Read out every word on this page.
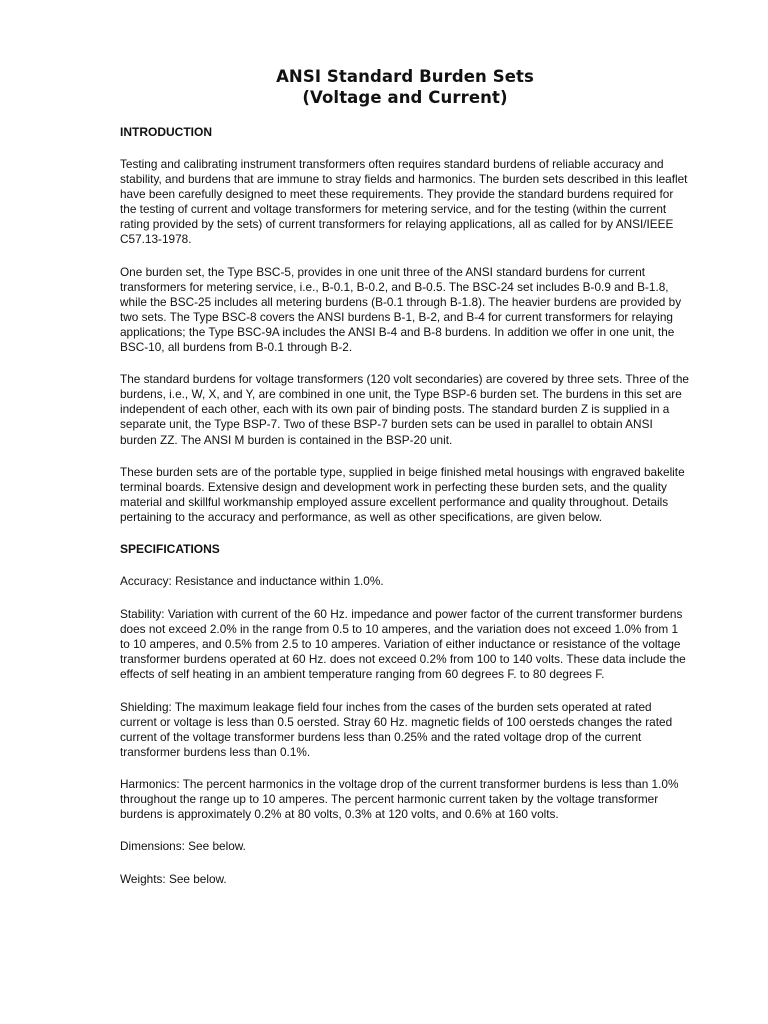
ANSI Standard Burden Sets
(Voltage and Current)
INTRODUCTION

Testing and calibrating instrument transformers often requires standard burdens of reliable accuracy and stability, and burdens that are immune to stray fields and harmonics. The burden sets described in this leaflet have been carefully designed to meet these requirements. They provide the standard burdens required for the testing of current and voltage transformers for metering service, and for the testing (within the current rating provided by the sets) of current transformers for relaying applications, all as called for by ANSI/IEEE C57.13-1978.

One burden set, the Type BSC-5, provides in one unit three of the ANSI standard burdens for current transformers for metering service, i.e., B-0.1, B-0.2, and B-0.5. The BSC-24 set includes B-0.9 and B-1.8, while the BSC-25 includes all metering burdens (B-0.1 through B-1.8). The heavier burdens are provided by two sets. The Type BSC-8 covers the ANSI burdens B-1, B-2, and B-4 for current transformers for relaying applications; the Type BSC-9A includes the ANSI B-4 and B-8 burdens. In addition we offer in one unit, the BSC-10, all burdens from B-0.1 through B-2.

The standard burdens for voltage transformers (120 volt secondaries) are covered by three sets. Three of the burdens, i.e., W, X, and Y, are combined in one unit, the Type BSP-6 burden set. The burdens in this set are independent of each other, each with its own pair of binding posts. The standard burden Z is supplied in a separate unit, the Type BSP-7. Two of these BSP-7 burden sets can be used in parallel to obtain ANSI burden ZZ. The ANSI M burden is contained in the BSP-20 unit.

These burden sets are of the portable type, supplied in beige finished metal housings with engraved bakelite terminal boards. Extensive design and development work in perfecting these burden sets, and the quality material and skillful workmanship employed assure excellent performance and quality throughout. Details pertaining to the accuracy and performance, as well as other specifications, are given below.

SPECIFICATIONS

Accuracy: Resistance and inductance within 1.0%.

Stability: Variation with current of the 60 Hz. impedance and power factor of the current transformer burdens does not exceed 2.0% in the range from 0.5 to 10 amperes, and the variation does not exceed 1.0% from 1 to 10 amperes, and 0.5% from 2.5 to 10 amperes. Variation of either inductance or resistance of the voltage transformer burdens operated at 60 Hz. does not exceed 0.2% from 100 to 140 volts. These data include the effects of self heating in an ambient temperature ranging from 60 degrees F. to 80 degrees F.

Shielding: The maximum leakage field four inches from the cases of the burden sets operated at rated current or voltage is less than 0.5 oersted. Stray 60 Hz. magnetic fields of 100 oersteds changes the rated current of the voltage transformer burdens less than 0.25% and the rated voltage drop of the current transformer burdens less than 0.1%.

Harmonics: The percent harmonics in the voltage drop of the current transformer burdens is less than 1.0% throughout the range up to 10 amperes. The percent harmonic current taken by the voltage transformer burdens is approximately 0.2% at 80 volts, 0.3% at 120 volts, and 0.6% at 160 volts.

Dimensions: See below.

Weights: See below.
